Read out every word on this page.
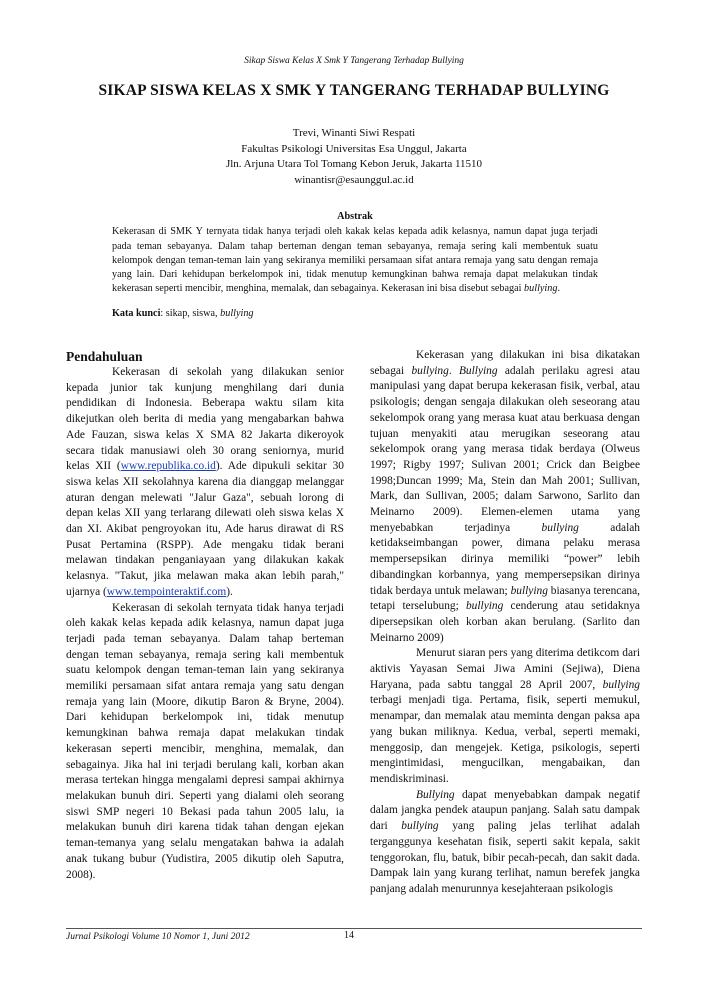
Sikap Siswa Kelas X Smk Y Tangerang Terhadap Bullying
SIKAP SISWA KELAS X SMK Y TANGERANG TERHADAP BULLYING
Trevi, Winanti Siwi Respati
Fakultas Psikologi Universitas Esa Unggul, Jakarta
Jln. Arjuna Utara Tol Tomang Kebon Jeruk, Jakarta 11510
winantisr@esaunggul.ac.id
Abstrak
Kekerasan di SMK Y ternyata tidak hanya terjadi oleh kakak kelas kepada adik kelasnya, namun dapat juga terjadi pada teman sebayanya. Dalam tahap berteman dengan teman sebayanya, remaja sering kali membentuk suatu kelompok dengan teman-teman lain yang sekiranya memiliki persamaan sifat antara remaja yang satu dengan remaja yang lain. Dari kehidupan berkelompok ini, tidak menutup kemungkinan bahwa remaja dapat melakukan tindak kekerasan seperti mencibir, menghina, memalak, dan sebagainya. Kekerasan ini bisa disebut sebagai bullying.
Kata kunci: sikap, siswa, bullying

Pendahuluan

Kekerasan di sekolah yang dilakukan senior kepada junior tak kunjung menghilang dari dunia pendidikan di Indonesia. Beberapa waktu silam kita dikejutkan oleh berita di media yang mengabarkan bahwa Ade Fauzan, siswa kelas X SMA 82 Jakarta dikeroyok secara tidak manusiawi oleh 30 orang seniornya, murid kelas XII (www.republika.co.id). Ade dipukuli sekitar 30 siswa kelas XII sekolahnya karena dia dianggap melanggar aturan dengan melewati "Jalur Gaza", sebuah lorong di depan kelas XII yang terlarang dilewati oleh siswa kelas X dan XI. Akibat pengroyokan itu, Ade harus dirawat di RS Pusat Pertamina (RSPP). Ade mengaku tidak berani melawan tindakan penganiayaan yang dilakukan kakak kelasnya. "Takut, jika melawan maka akan lebih parah," ujarnya (www.tempointeraktif.com).

Kekerasan di sekolah ternyata tidak hanya terjadi oleh kakak kelas kepada adik kelasnya, namun dapat juga terjadi pada teman sebayanya. Dalam tahap berteman dengan teman sebayanya, remaja sering kali membentuk suatu kelompok dengan teman-teman lain yang sekiranya memiliki persamaan sifat antara remaja yang satu dengan remaja yang lain (Moore, dikutip Baron & Bryne, 2004). Dari kehidupan berkelompok ini, tidak menutup kemungkinan bahwa remaja dapat melakukan tindak kekerasan seperti mencibir, menghina, memalak, dan sebagainya. Jika hal ini terjadi berulang kali, korban akan merasa tertekan hingga mengalami depresi sampai akhirnya melakukan bunuh diri. Seperti yang dialami oleh seorang siswi SMP negeri 10 Bekasi pada tahun 2005 lalu, ia melakukan bunuh diri karena tidak tahan dengan ejekan teman-temanya yang selalu mengatakan bahwa ia adalah anak tukang bubur (Yudistira, 2005 dikutip oleh Saputra, 2008).

Kekerasan yang dilakukan ini bisa dikatakan sebagai bullying. Bullying adalah perilaku agresi atau manipulasi yang dapat berupa kekerasan fisik, verbal, atau psikologis; dengan sengaja dilakukan oleh seseorang atau sekelompok orang yang merasa kuat atau berkuasa dengan tujuan menyakiti atau merugikan seseorang atau sekelompok orang yang merasa tidak berdaya (Olweus 1997; Rigby 1997; Sulivan 2001; Crick dan Beigbee 1998;Duncan 1999; Ma, Stein dan Mah 2001; Sullivan, Mark, dan Sullivan, 2005; dalam Sarwono, Sarlito dan Meinarno 2009). Elemen-elemen utama yang menyebabkan terjadinya bullying adalah ketidakseimbangan power, dimana pelaku merasa mempersepsikan dirinya memiliki “power” lebih dibandingkan korbannya, yang mempersepsikan dirinya tidak berdaya untuk melawan; bullying biasanya terencana, tetapi terselubung; bullying cenderung atau setidaknya dipersepsikan oleh korban akan berulang. (Sarlito dan Meinarno 2009)

Menurut siaran pers yang diterima detikcom dari aktivis Yayasan Semai Jiwa Amini (Sejiwa), Diena Haryana, pada sabtu tanggal 28 April 2007, bullying terbagi menjadi tiga. Pertama, fisik, seperti memukul, menampar, dan memalak atau meminta dengan paksa apa yang bukan miliknya. Kedua, verbal, seperti memaki, menggosip, dan mengejek. Ketiga, psikologis, seperti mengintimidasi, mengucilkan, mengabaikan, dan mendiskriminasi.

Bullying dapat menyebabkan dampak negatif dalam jangka pendek ataupun panjang. Salah satu dampak dari bullying yang paling jelas terlihat adalah terganggunya kesehatan fisik, seperti sakit kepala, sakit tenggorokan, flu, batuk, bibir pecah-pecah, dan sakit dada. Dampak lain yang kurang terlihat, namun berefek jangka panjang adalah menurunnya kesejahteraan psikologis

Jurnal Psikologi Volume 10 Nomor 1, Juni 2012	14
